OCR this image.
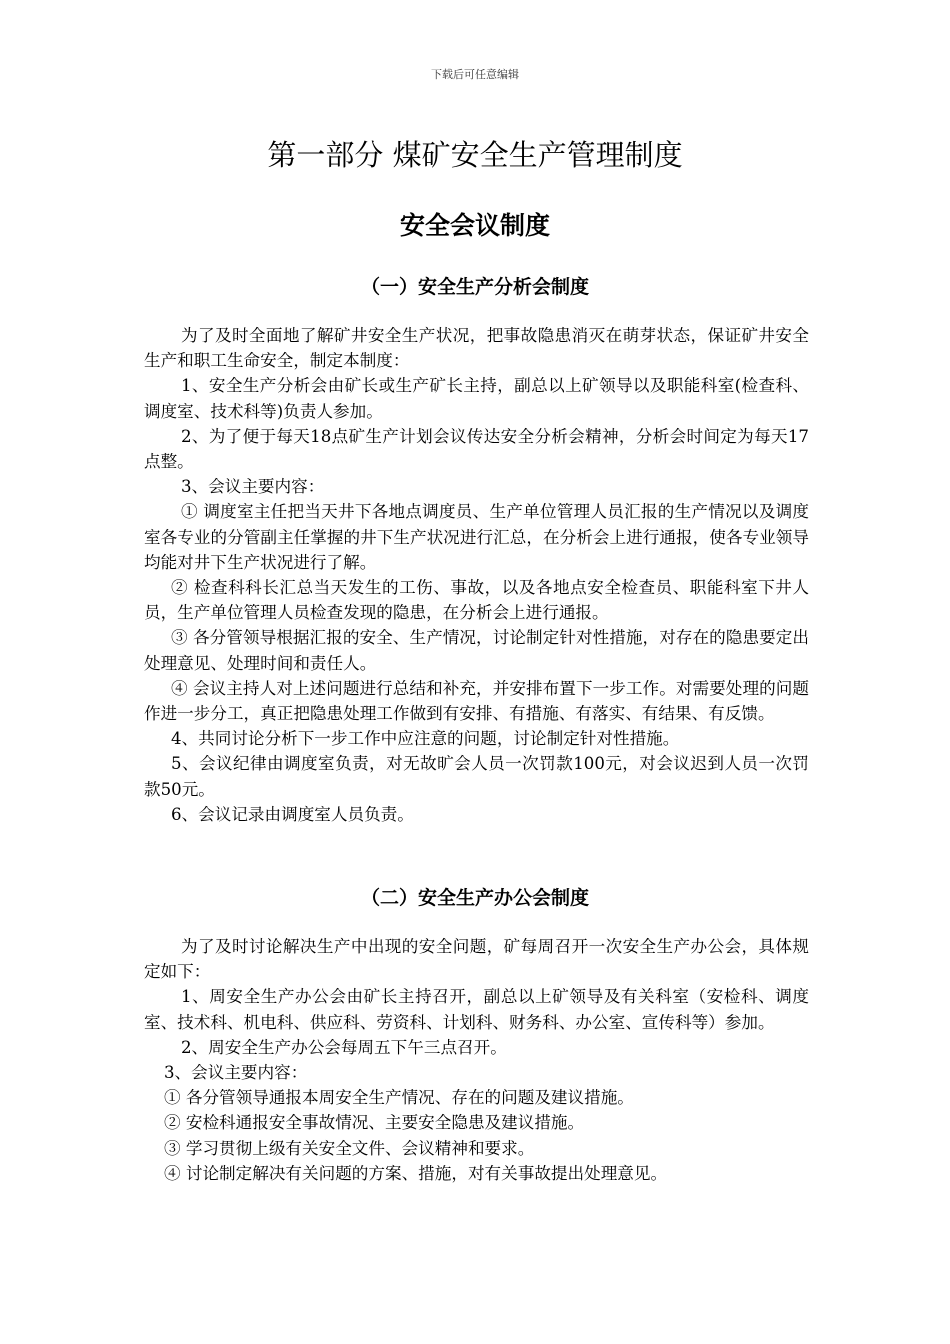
下载后可任意编辑
第一部分 煤矿安全生产管理制度
安全会议制度
（一）安全生产分析会制度

为了及时全面地了解矿井安全生产状况，把事故隐患消灭在萌芽状态，保证矿井安全生产和职工生命安全，制定本制度：

1、安全生产分析会由矿长或生产矿长主持，副总以上矿领导以及职能科室(检查科、调度室、技术科等)负责人参加。

2、为了便于每天18点矿生产计划会议传达安全分析会精神，分析会时间定为每天17点整。

3、会议主要内容：

① 调度室主任把当天井下各地点调度员、生产单位管理人员汇报的生产情况以及调度室各专业的分管副主任掌握的井下生产状况进行汇总，在分析会上进行通报，使各专业领导均能对井下生产状况进行了解。

② 检查科科长汇总当天发生的工伤、事故，以及各地点安全检查员、职能科室下井人员，生产单位管理人员检查发现的隐患，在分析会上进行通报。

③ 各分管领导根据汇报的安全、生产情况，讨论制定针对性措施，对存在的隐患要定出处理意见、处理时间和责任人。

④ 会议主持人对上述问题进行总结和补充，并安排布置下一步工作。对需要处理的问题作进一步分工，真正把隐患处理工作做到有安排、有措施、有落实、有结果、有反馈。

4、共同讨论分析下一步工作中应注意的问题，讨论制定针对性措施。

5、会议纪律由调度室负责，对无故旷会人员一次罚款100元，对会议迟到人员一次罚款50元。

6、会议记录由调度室人员负责。

（二）安全生产办公会制度

为了及时讨论解决生产中出现的安全问题，矿每周召开一次安全生产办公会，具体规定如下：

1、周安全生产办公会由矿长主持召开，副总以上矿领导及有关科室（安检科、调度室、技术科、机电科、供应科、劳资科、计划科、财务科、办公室、宣传科等）参加。

2、周安全生产办公会每周五下午三点召开。

3、会议主要内容：

① 各分管领导通报本周安全生产情况、存在的问题及建议措施。

② 安检科通报安全事故情况、主要安全隐患及建议措施。

③ 学习贯彻上级有关安全文件、会议精神和要求。

④ 讨论制定解决有关问题的方案、措施，对有关事故提出处理意见。
